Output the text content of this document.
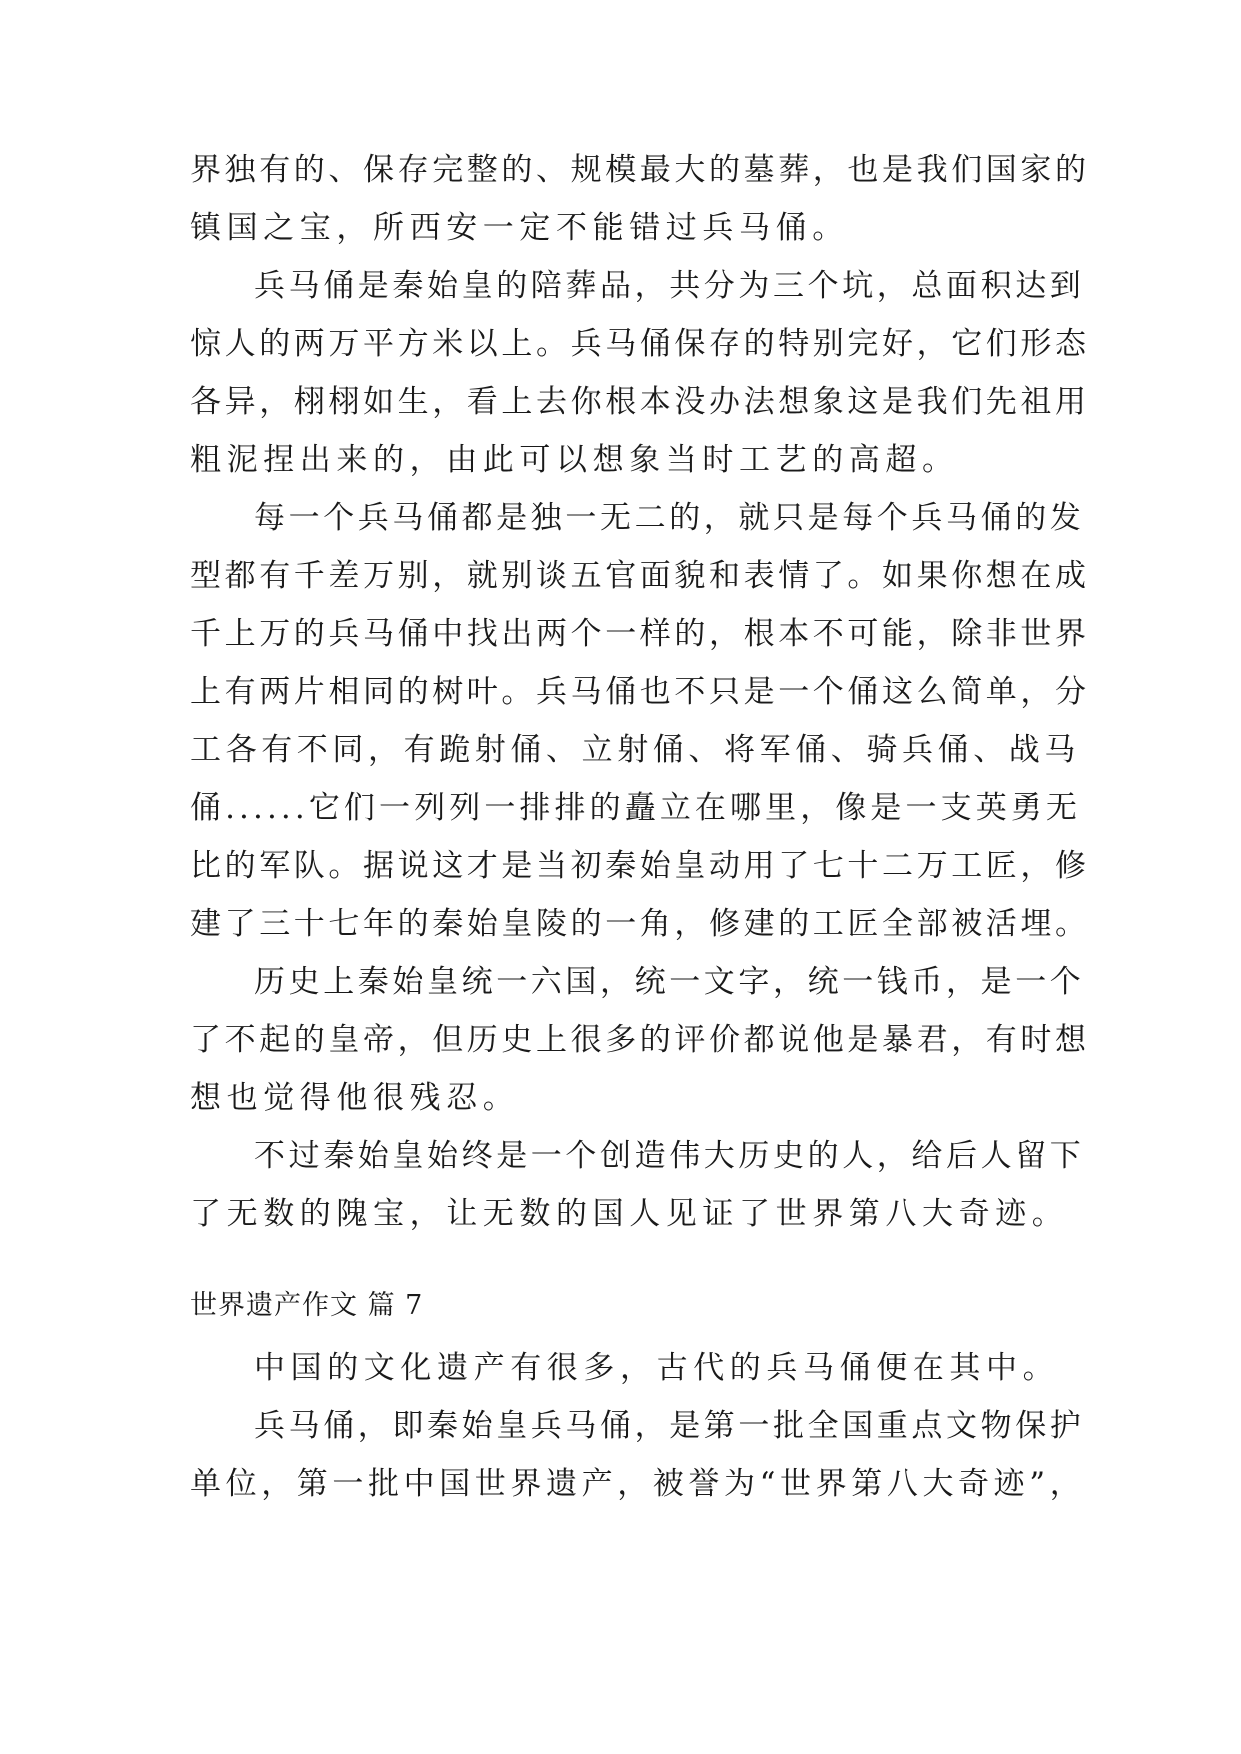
界独有的、保存完整的、规模最大的墓葬，也是我们国家的
镇国之宝，所西安一定不能错过兵马俑。
兵马俑是秦始皇的陪葬品，共分为三个坑，总面积达到
惊人的两万平方米以上。兵马俑保存的特别完好，它们形态
各异，栩栩如生，看上去你根本没办法想象这是我们先祖用
粗泥捏出来的，由此可以想象当时工艺的高超。
每一个兵马俑都是独一无二的，就只是每个兵马俑的发
型都有千差万别，就别谈五官面貌和表情了。如果你想在成
千上万的兵马俑中找出两个一样的，根本不可能，除非世界
上有两片相同的树叶。兵马俑也不只是一个俑这么简单，分
工各有不同，有跪射俑、立射俑、将军俑、骑兵俑、战马
俑......它们一列列一排排的矗立在哪里，像是一支英勇无
比的军队。据说这才是当初秦始皇动用了七十二万工匠，修
建了三十七年的秦始皇陵的一角，修建的工匠全部被活埋。
历史上秦始皇统一六国，统一文字，统一钱币，是一个
了不起的皇帝，但历史上很多的评价都说他是暴君，有时想
想也觉得他很残忍。
不过秦始皇始终是一个创造伟大历史的人，给后人留下
了无数的隗宝，让无数的国人见证了世界第八大奇迹。
世界遗产作文 篇 7
中国的文化遗产有很多，古代的兵马俑便在其中。
兵马俑，即秦始皇兵马俑，是第一批全国重点文物保护
单位，第一批中国世界遗产，被誉为“世界第八大奇迹”，
